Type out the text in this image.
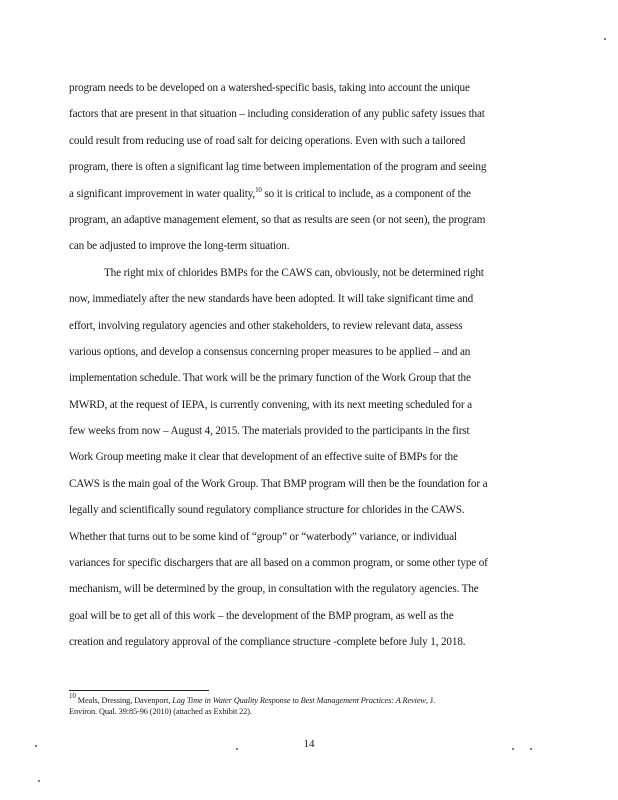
program needs to be developed on a watershed-specific basis, taking into account the unique
factors that are present in that situation – including consideration of any public safety issues that
could result from reducing use of road salt for deicing operations. Even with such a tailored
program, there is often a significant lag time between implementation of the program and seeing
a significant improvement in water quality,$^{10}$ so it is critical to include, as a component of the
program, an adaptive management element, so that as results are seen (or not seen), the program
can be adjusted to improve the long-term situation.
The right mix of chlorides BMPs for the CAWS can, obviously, not be determined right
now, immediately after the new standards have been adopted. It will take significant time and
effort, involving regulatory agencies and other stakeholders, to review relevant data, assess
various options, and develop a consensus concerning proper measures to be applied – and an
implementation schedule. That work will be the primary function of the Work Group that the
MWRD, at the request of IEPA, is currently convening, with its next meeting scheduled for a
few weeks from now – August 4, 2015. The materials provided to the participants in the first
Work Group meeting make it clear that development of an effective suite of BMPs for the
CAWS is the main goal of the Work Group. That BMP program will then be the foundation for a
legally and scientifically sound regulatory compliance structure for chlorides in the CAWS.
Whether that turns out to be some kind of “group” or “waterbody” variance, or individual
variances for specific dischargers that are all based on a common program, or some other type of
mechanism, will be determined by the group, in consultation with the regulatory agencies. The
goal will be to get all of this work – the development of the BMP program, as well as the
creation and regulatory approval of the compliance structure -complete before July 1, 2018.
$^{10}$ Meals, Dressing, Davenport, Lag Time in Water Quality Response to Best Management Practices: A Review, J.
Environ. Qual. 39:85-96 (2010) (attached as Exhibit 22).
14
